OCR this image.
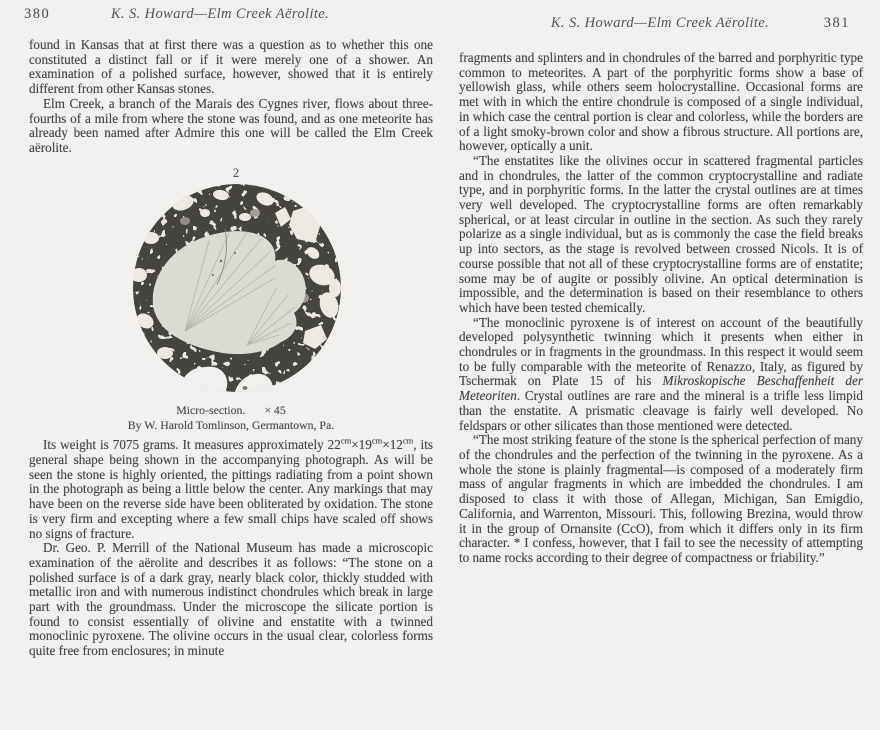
380	K. S. Howard—Elm Creek Aërolite.

found in Kansas that at first there was a question as to whether this one constituted a distinct fall or if it were merely one of a shower. An examination of a polished surface, however, showed that it is entirely different from other Kansas stones.

Elm Creek, a branch of the Marais des Cygnes river, flows about three-fourths of a mile from where the stone was found, and as one meteorite has already been named after Admire this one will be called the Elm Creek aërolite.

2
Micro-section. × 45
By W. Harold Tomlinson, Germantown, Pa.

Its weight is 7075 grams. It measures approximately $22^{cm}\times 19^{cm}\times 12^{cm}$, its general shape being shown in the accompanying photograph. As will be seen the stone is highly oriented, the pittings radiating from a point shown in the photograph as being a little below the center. Any markings that may have been on the reverse side have been obliterated by oxidation. The stone is very firm and excepting where a few small chips have scaled off shows no signs of fracture.

Dr. Geo. P. Merrill of the National Museum has made a microscopic examination of the aërolite and describes it as follows: “The stone on a polished surface is of a dark gray, nearly black color, thickly studded with metallic iron and with numerous indistinct chondrules which break in large part with the groundmass. Under the microscope the silicate portion is found to consist essentially of olivine and enstatite with a twinned monoclinic pyroxene. The olivine occurs in the usual clear, colorless forms quite free from enclosures; in minute

K. S. Howard—Elm Creek Aërolite.	381

fragments and splinters and in chondrules of the barred and porphyritic type common to meteorites. A part of the porphyritic forms show a base of yellowish glass, while others seem holocrystalline. Occasional forms are met with in which the entire chondrule is composed of a single individual, in which case the central portion is clear and colorless, while the borders are of a light smoky-brown color and show a fibrous structure. All portions are, however, optically a unit.

“The enstatites like the olivines occur in scattered fragmental particles and in chondrules, the latter of the common cryptocrystalline and radiate type, and in porphyritic forms. In the latter the crystal outlines are at times very well developed. The cryptocrystalline forms are often remarkably spherical, or at least circular in outline in the section. As such they rarely polarize as a single individual, but as is commonly the case the field breaks up into sectors, as the stage is revolved between crossed Nicols. It is of course possible that not all of these cryptocrystalline forms are of enstatite; some may be of augite or possibly olivine. An optical determination is impossible, and the determination is based on their resemblance to others which have been tested chemically.

“The monoclinic pyroxene is of interest on account of the beautifully developed polysynthetic twinning which it presents when either in chondrules or in fragments in the groundmass. In this respect it would seem to be fully comparable with the meteorite of Renazzo, Italy, as figured by Tschermak on Plate 15 of his Mikroskopische Beschaffenheit der Meteoriten. Crystal outlines are rare and the mineral is a trifle less limpid than the enstatite. A prismatic cleavage is fairly well developed. No feldspars or other silicates than those mentioned were detected.

“The most striking feature of the stone is the spherical perfection of many of the chondrules and the perfection of the twinning in the pyroxene. As a whole the stone is plainly fragmental—is composed of a moderately firm mass of angular fragments in which are imbedded the chondrules. I am disposed to class it with those of Allegan, Michigan, San Emigdio, California, and Warrenton, Missouri. This, following Brezina, would throw it in the group of Ornansite (CcO), from which it differs only in its firm character. * I confess, however, that I fail to see the necessity of attempting to name rocks according to their degree of compactness or friability.”
